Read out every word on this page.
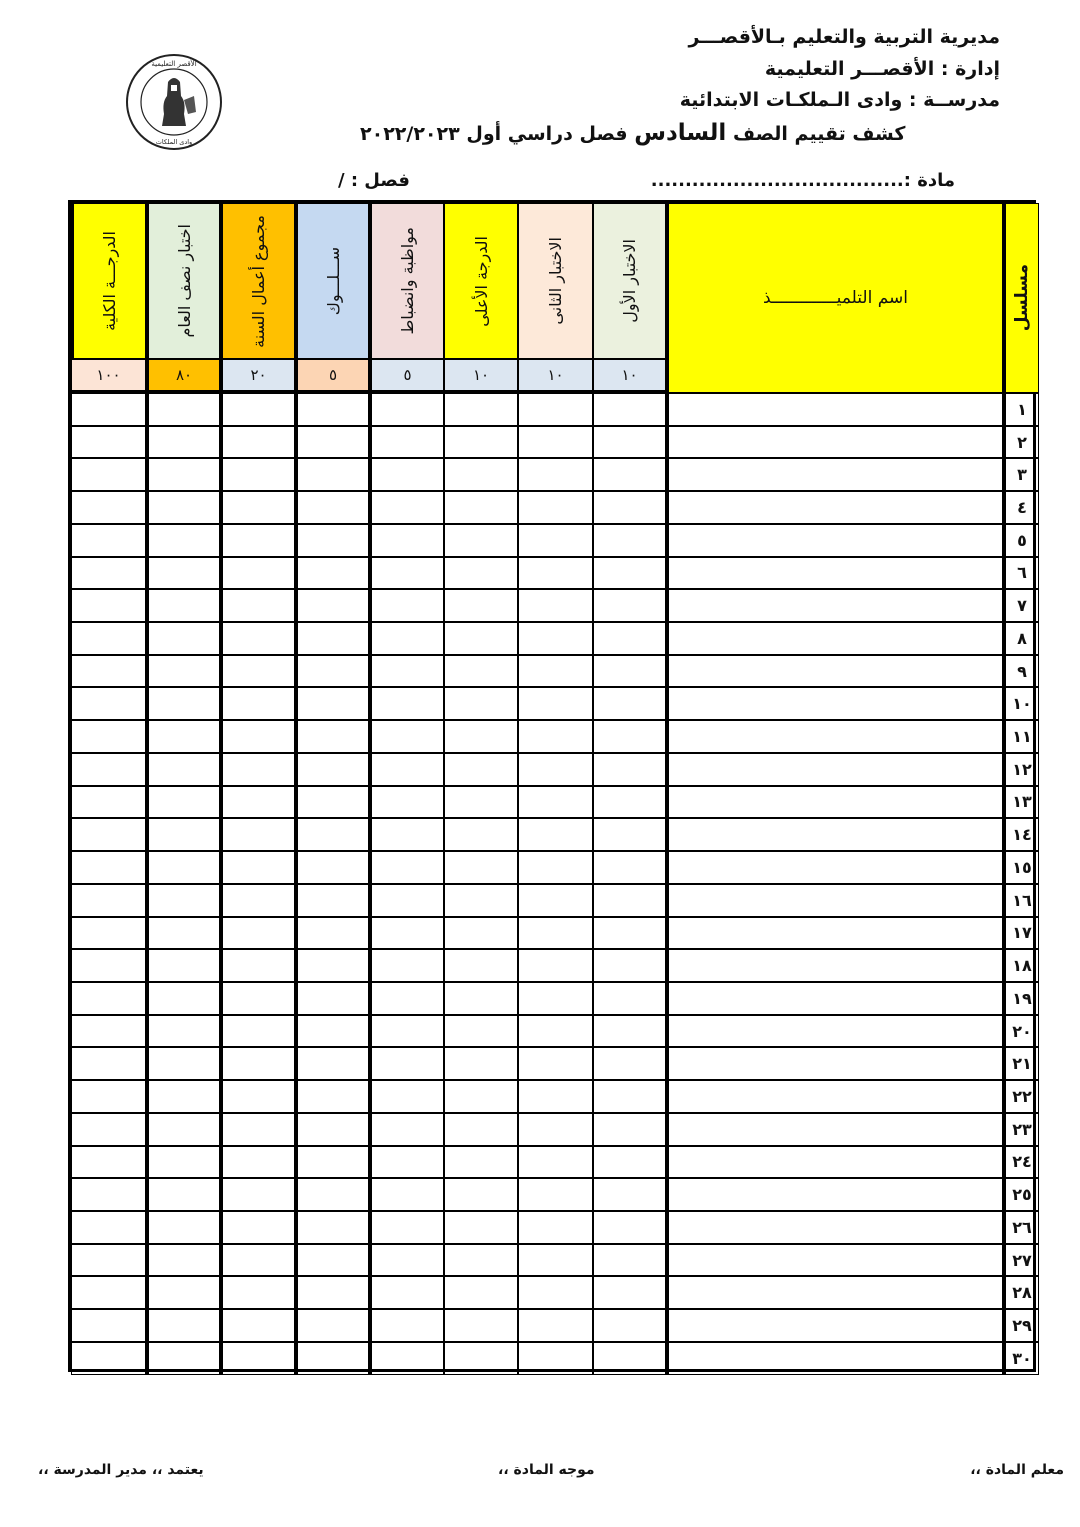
مديرية التربية والتعليم بـالأقصـــر
إدارة : الأقصـــر التعليمية
مدرســة : وادى الـملكـات الابتدائية
كشف تقييم الصف السادس فصل دراسي أول ٢٠٢٢/٢٠٢٣
الأقصر التعليمية
وادى الملكات
مادة :.....................................
فصل : /
الدرجـــة الكلية	اختبار نصف العام	مجموع أعمال السنة	ســـلـــوك	مواظبة وانضباط	الدرجة الأعلى	الاختبار الثانى	الاختبار الأول	اسم التلميـــــــــــــذ	مسلسل
١٠٠	٨٠	٢٠	٥	٥	١٠	١٠	١٠
١
٢
٣
٤
٥
٦
٧
٨
٩
١٠
١١
١٢
١٣
١٤
١٥
١٦
١٧
١٨
١٩
٢٠
٢١
٢٢
٢٣
٢٤
٢٥
٢٦
٢٧
٢٨
٢٩
٣٠
يعتمد ،، مدير المدرسة ،،	موجه المادة ،،	معلم المادة ،،
